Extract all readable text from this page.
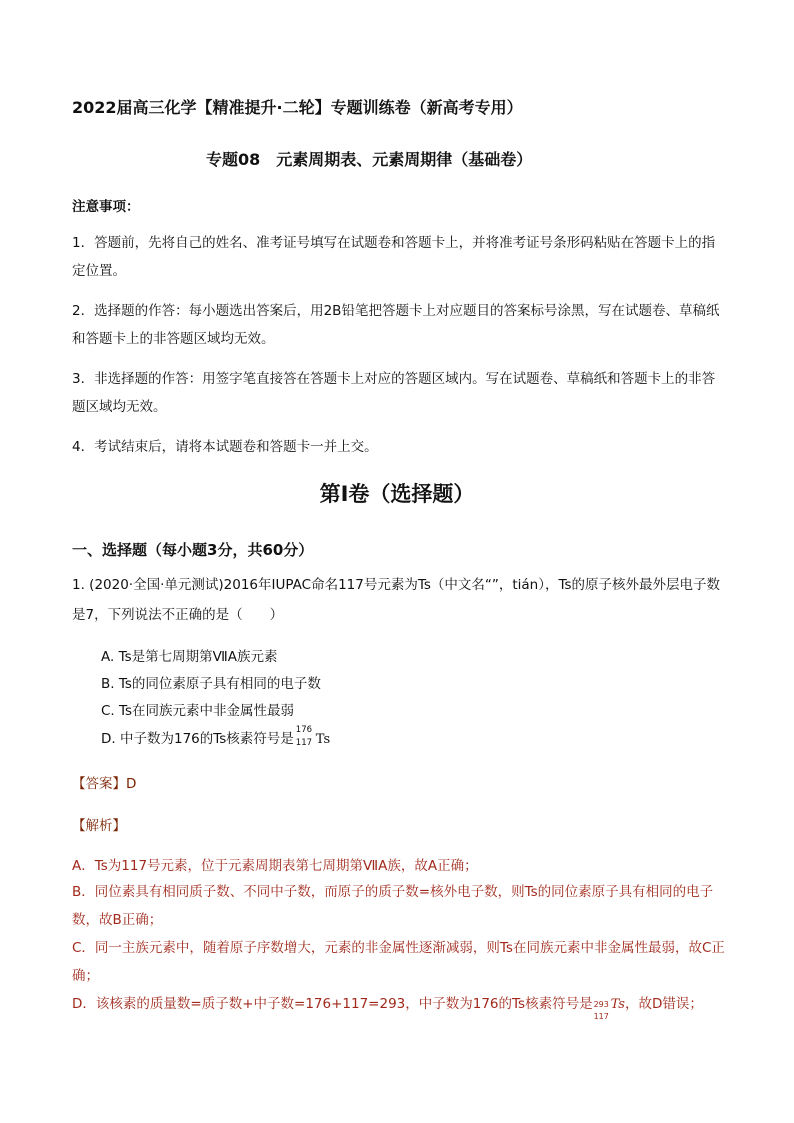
2022届高三化学【精准提升·二轮】专题训练卷（新高考专用）
专题08　元素周期表、元素周期律（基础卷）
注意事项：
1．答题前，先将自己的姓名、准考证号填写在试题卷和答题卡上，并将准考证号条形码粘贴在答题卡上的指定位置。
2．选择题的作答：每小题选出答案后，用2B铅笔把答题卡上对应题目的答案标号涂黑，写在试题卷、草稿纸和答题卡上的非答题区域均无效。
3．非选择题的作答：用签字笔直接答在答题卡上对应的答题区域内。写在试题卷、草稿纸和答题卡上的非答题区域均无效。
4．考试结束后，请将本试题卷和答题卡一并上交。
第Ⅰ卷（选择题）
一、选择题（每小题3分，共60分）
1. (2020·全国·单元测试)2016年IUPAC命名117号元素为Ts（中文名“”，tián），Ts的原子核外最外层电子数是7，下列说法不正确的是（　　）
A. Ts是第七周期第ⅦA族元素
B. Ts的同位素原子具有相同的电子数
C. Ts在同族元素中非金属性最弱
D. 中子数为176的Ts核素符号是
176
117 Ts
【答案】D
【解析】
A．Ts为117号元素，位于元素周期表第七周期第ⅦA族，故A正确；
B．同位素具有相同质子数、不同中子数，而原子的质子数=核外电子数，则Ts的同位素原子具有相同的电子数，故B正确；
C．同一主族元素中，随着原子序数增大，元素的非金属性逐渐减弱，则Ts在同族元素中非金属性最弱，故C正确；
D．该核素的质量数=质子数+中子数=176+117=293，中子数为176的Ts核素符号是 293
117
Ts，故D错误；
